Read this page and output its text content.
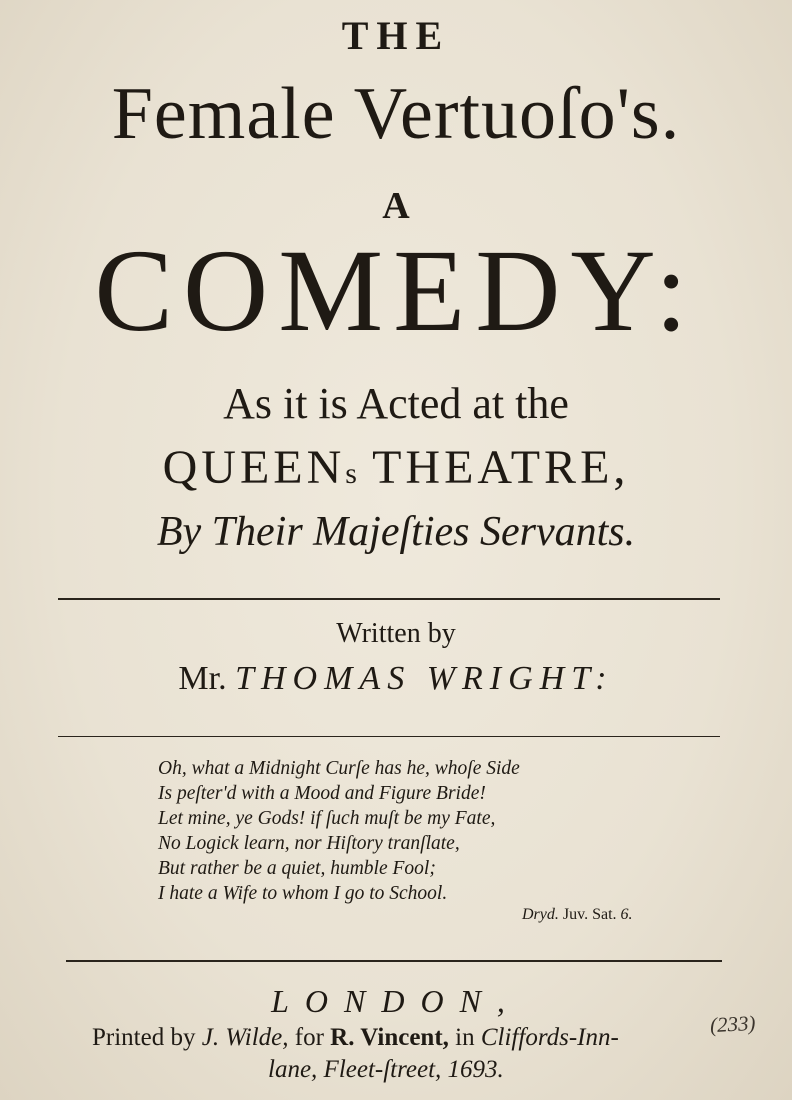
THE
Female Vertuoſo's.
A
COMEDY:
As it is Acted at the
QUEENs THEATRE,
By Their Majeſties Servants.
Written by
Mr. THOMAS WRIGHT:
Oh, what a Midnight Curſe has he, whoſe Side
Is peſter'd with a Mood and Figure Bride!
Let mine, ye Gods! if ſuch muſt be my Fate,
No Logick learn, nor Hiſtory tranſlate,
But rather be a quiet, humble Fool;
I hate a Wife to whom I go to School.
Dryd. Juv. Sat. 6.
LONDON,
Printed by J. Wilde, for R. Vincent, in Cliffords-Inn-
lane, Fleet-ſtreet, 1693.
(233)
